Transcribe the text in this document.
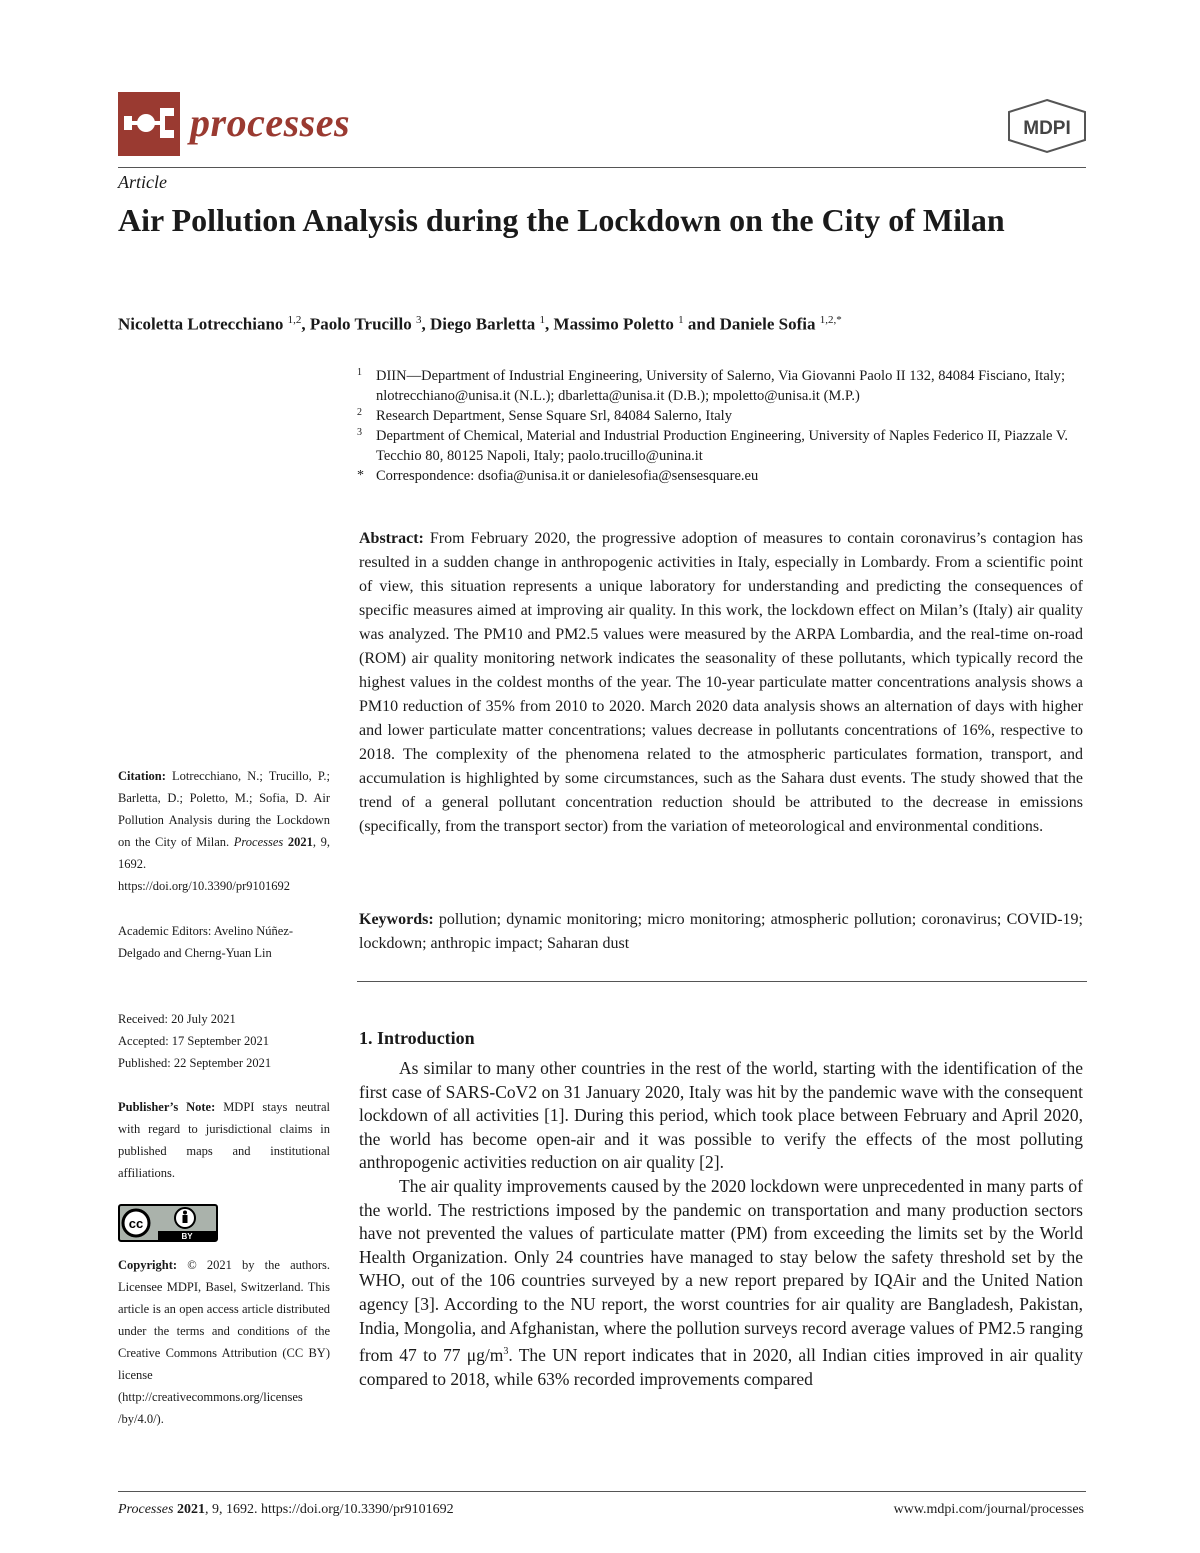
processes	MDPI
Article
Air Pollution Analysis during the Lockdown on the City of Milan
Nicoletta Lotrecchiano $^{1,2}$, Paolo Trucillo $^3$, Diego Barletta $^1$, Massimo Poletto $^1$ and Daniele Sofia $^{1,2,*}$
1 DIIN—Department of Industrial Engineering, University of Salerno, Via Giovanni Paolo II 132, 84084 Fisciano, Italy; nlotrecchiano@unisa.it (N.L.); dbarletta@unisa.it (D.B.); mpoletto@unisa.it (M.P.)
2 Research Department, Sense Square Srl, 84084 Salerno, Italy
3 Department of Chemical, Material and Industrial Production Engineering, University of Naples Federico II, Piazzale V. Tecchio 80, 80125 Napoli, Italy; paolo.trucillo@unina.it
* Correspondence: dsofia@unisa.it or danielesofia@sensesquare.eu
Abstract: From February 2020, the progressive adoption of measures to contain coronavirus’s contagion has resulted in a sudden change in anthropogenic activities in Italy, especially in Lombardy. From a scientific point of view, this situation represents a unique laboratory for understanding and predicting the consequences of specific measures aimed at improving air quality. In this work, the lockdown effect on Milan’s (Italy) air quality was analyzed. The PM10 and PM2.5 values were measured by the ARPA Lombardia, and the real-time on-road (ROM) air quality monitoring network indicates the seasonality of these pollutants, which typically record the highest values in the coldest months of the year. The 10-year particulate matter concentrations analysis shows a PM10 reduction of 35% from 2010 to 2020. March 2020 data analysis shows an alternation of days with higher and lower particulate matter concentrations; values decrease in pollutants concentrations of 16%, respective to 2018. The complexity of the phenomena related to the atmospheric particulates formation, transport, and accumulation is highlighted by some circumstances, such as the Sahara dust events. The study showed that the trend of a general pollutant concentration reduction should be attributed to the decrease in emissions (specifically, from the transport sector) from the variation of meteorological and environmental conditions.
Keywords: pollution; dynamic monitoring; micro monitoring; atmospheric pollution; coronavirus; COVID-19; lockdown; anthropic impact; Saharan dust
1. Introduction

As similar to many other countries in the rest of the world, starting with the identification of the first case of SARS-CoV2 on 31 January 2020, Italy was hit by the pandemic wave with the consequent lockdown of all activities [1]. During this period, which took place between February and April 2020, the world has become open-air and it was possible to verify the effects of the most polluting anthropogenic activities reduction on air quality [2].

The air quality improvements caused by the 2020 lockdown were unprecedented in many parts of the world. The restrictions imposed by the pandemic on transportation and many production sectors have not prevented the values of particulate matter (PM) from exceeding the limits set by the World Health Organization. Only 24 countries have managed to stay below the safety threshold set by the WHO, out of the 106 countries surveyed by a new report prepared by IQAir and the United Nation agency [3]. According to the NU report, the worst countries for air quality are Bangladesh, Pakistan, India, Mongolia, and Afghanistan, where the pollution surveys record average values of PM2.5 ranging from 47 to 77 $\mu g/m^3$. The UN report indicates that in 2020, all Indian cities improved in air quality compared to 2018, while 63% recorded improvements compared

Citation: Lotrecchiano, N.; Trucillo, P.; Barletta, D.; Poletto, M.; Sofia, D. Air Pollution Analysis during the Lockdown on the City of Milan. Processes 2021, 9, 1692.
https://doi.org/10.3390/pr9101692
Academic Editors: Avelino Núñez-Delgado and Cherng-Yuan Lin
Received: 20 July 2021
Accepted: 17 September 2021
Published: 22 September 2021
Publisher’s Note: MDPI stays neutral with regard to jurisdictional claims in published maps and institutional affiliations.
cc
BY
Copyright: © 2021 by the authors. Licensee MDPI, Basel, Switzerland. This article is an open access article distributed under the terms and conditions of the Creative Commons Attribution (CC BY) license (http://creativecommons.org/licenses /by/4.0/).
Processes 2021, 9, 1692. https://doi.org/10.3390/pr9101692	www.mdpi.com/journal/processes
